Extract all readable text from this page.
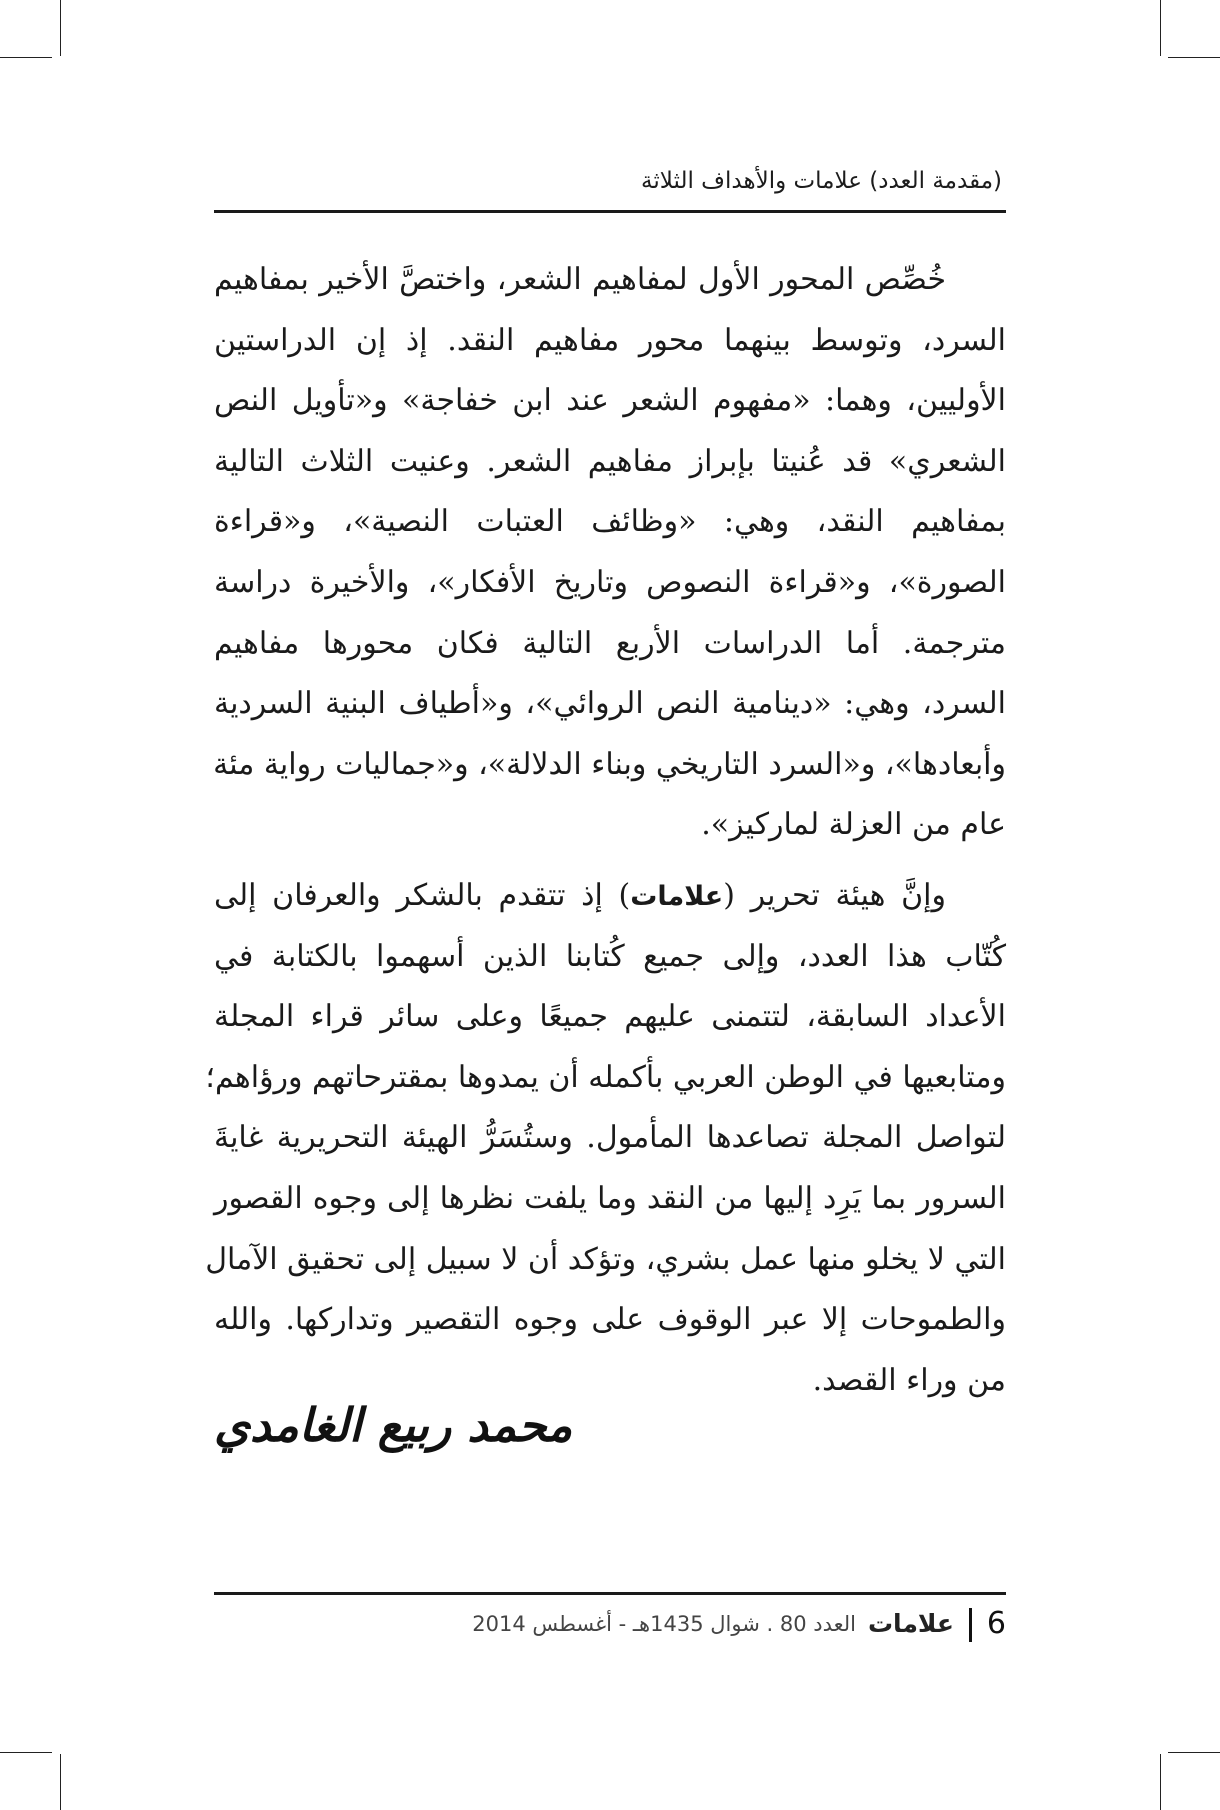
(مقدمة العدد) علامات والأهداف الثلاثة
خُصِّص المحور الأول لمفاهيم الشعر، واختصَّ الأخير بمفاهيم
السرد، وتوسط بينهما محور مفاهيم النقد. إذ إن الدراستين
الأوليين، وهما: «مفهوم الشعر عند ابن خفاجة» و«تأويل النص
الشعري» قد عُنيتا بإبراز مفاهيم الشعر. وعنيت الثلاث التالية
بمفاهيم النقد، وهي: «وظائف العتبات النصية»، و«قراءة
الصورة»، و«قراءة النصوص وتاريخ الأفكار»، والأخيرة دراسة
مترجمة. أما الدراسات الأربع التالية فكان محورها مفاهيم
السرد، وهي: «دينامية النص الروائي»، و«أطياف البنية السردية
وأبعادها»، و«السرد التاريخي وبناء الدلالة»، و«جماليات رواية مئة
عام من العزلة لماركيز».
وإنَّ هيئة تحرير (علامات) إذ تتقدم بالشكر والعرفان إلى
كُتّاب هذا العدد، وإلى جميع كُتابنا الذين أسهموا بالكتابة في
الأعداد السابقة، لتتمنى عليهم جميعًا وعلى سائر قراء المجلة
ومتابعيها في الوطن العربي بأكمله أن يمدوها بمقترحاتهم ورؤاهم؛
لتواصل المجلة تصاعدها المأمول. وستُسَرُّ الهيئة التحريرية غايةَ
السرور بما يَرِد إليها من النقد وما يلفت نظرها إلى وجوه القصور
التي لا يخلو منها عمل بشري، وتؤكد أن لا سبيل إلى تحقيق الآمال
والطموحات إلا عبر الوقوف على وجوه التقصير وتداركها. والله
من وراء القصد.
محمد ربيع الغامدي
6
علامات
العدد 80 . شوال 1435هـ - أغسطس 2014
